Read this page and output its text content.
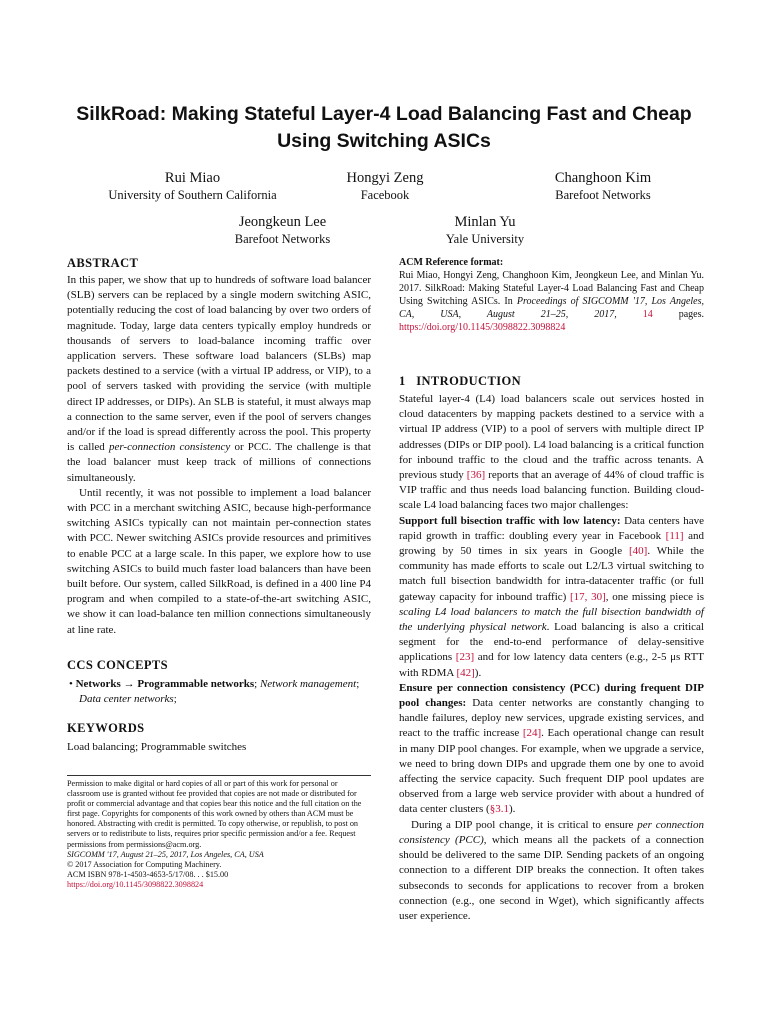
SilkRoad: Making Stateful Layer-4 Load Balancing Fast and Cheap Using Switching ASICs
Rui Miao
University of Southern California
Hongyi Zeng
Facebook
Changhoon Kim
Barefoot Networks
Jeongkeun Lee
Barefoot Networks
Minlan Yu
Yale University

ABSTRACT

In this paper, we show that up to hundreds of software load balancer (SLB) servers can be replaced by a single modern switching ASIC, potentially reducing the cost of load balancing by over two orders of magnitude. Today, large data centers typically employ hundreds or thousands of servers to load-balance incoming traffic over application servers. These software load balancers (SLBs) map packets destined to a service (with a virtual IP address, or VIP), to a pool of servers tasked with providing the service (with multiple direct IP addresses, or DIPs). An SLB is stateful, it must always map a connection to the same server, even if the pool of servers changes and/or if the load is spread differently across the pool. This property is called per-connection consistency or PCC. The challenge is that the load balancer must keep track of millions of connections simultaneously.

Until recently, it was not possible to implement a load balancer with PCC in a merchant switching ASIC, because high-performance switching ASICs typically can not maintain per-connection states with PCC. Newer switching ASICs provide resources and primitives to enable PCC at a large scale. In this paper, we explore how to use switching ASICs to build much faster load balancers than have been built before. Our system, called SilkRoad, is defined in a 400 line P4 program and when compiled to a state-of-the-art switching ASIC, we show it can load-balance ten million connections simultaneously at line rate.

CCS CONCEPTS

• Networks → Programmable networks; Network management; Data center networks;

KEYWORDS

Load balancing; Programmable switches

Permission to make digital or hard copies of all or part of this work for personal or classroom use is granted without fee provided that copies are not made or distributed for profit or commercial advantage and that copies bear this notice and the full citation on the first page. Copyrights for components of this work owned by others than ACM must be honored. Abstracting with credit is permitted. To copy otherwise, or republish, to post on servers or to redistribute to lists, requires prior specific permission and/or a fee. Request permissions from permissions@acm.org.

SIGCOMM '17, August 21–25, 2017, Los Angeles, CA, USA

© 2017 Association for Computing Machinery.

ACM ISBN 978-1-4503-4653-5/17/08. . . $15.00

https://doi.org/10.1145/3098822.3098824

ACM Reference format:

Rui Miao, Hongyi Zeng, Changhoon Kim, Jeongkeun Lee, and Minlan Yu. 2017. SilkRoad: Making Stateful Layer-4 Load Balancing Fast and Cheap Using Switching ASICs. In Proceedings of SIGCOMM '17, Los Angeles, CA, USA, August 21–25, 2017,	14 pages. https://doi.org/10.1145/3098822.3098824

1   INTRODUCTION

Stateful layer-4 (L4) load balancers scale out services hosted in cloud datacenters by mapping packets destined to a service with a virtual IP address (VIP) to a pool of servers with multiple direct IP addresses (DIPs or DIP pool). L4 load balancing is a critical function for inbound traffic to the cloud and the traffic across tenants. A previous study [36] reports that an average of 44% of cloud traffic is VIP traffic and thus needs load balancing function. Building cloud-scale L4 load balancing faces two major challenges:

Support full bisection traffic with low latency: Data centers have rapid growth in traffic: doubling every year in Facebook [11] and growing by 50 times in six years in Google [40]. While the community has made efforts to scale out L2/L3 virtual switching to match full bisection bandwidth for intra-datacenter traffic (or full gateway capacity for inbound traffic) [17, 30], one missing piece is scaling L4 load balancers to match the full bisection bandwidth of the underlying physical network. Load balancing is also a critical segment for the end-to-end performance of delay-sensitive applications [23] and for low latency data centers (e.g., 2-5 μs RTT with RDMA [42]).

Ensure per connection consistency (PCC) during frequent DIP pool changes: Data center networks are constantly changing to handle failures, deploy new services, upgrade existing services, and react to the traffic increase [24]. Each operational change can result in many DIP pool changes. For example, when we upgrade a service, we need to bring down DIPs and upgrade them one by one to avoid affecting the service capacity. Such frequent DIP pool updates are observed from a large web service provider with about a hundred of data center clusters (§3.1).

During a DIP pool change, it is critical to ensure per connection consistency (PCC), which means all the packets of a connection should be delivered to the same DIP. Sending packets of an ongoing connection to a different DIP breaks the connection. It often takes subseconds to seconds for applications to recover from a broken connection (e.g., one second in Wget), which significantly affects user experience.
